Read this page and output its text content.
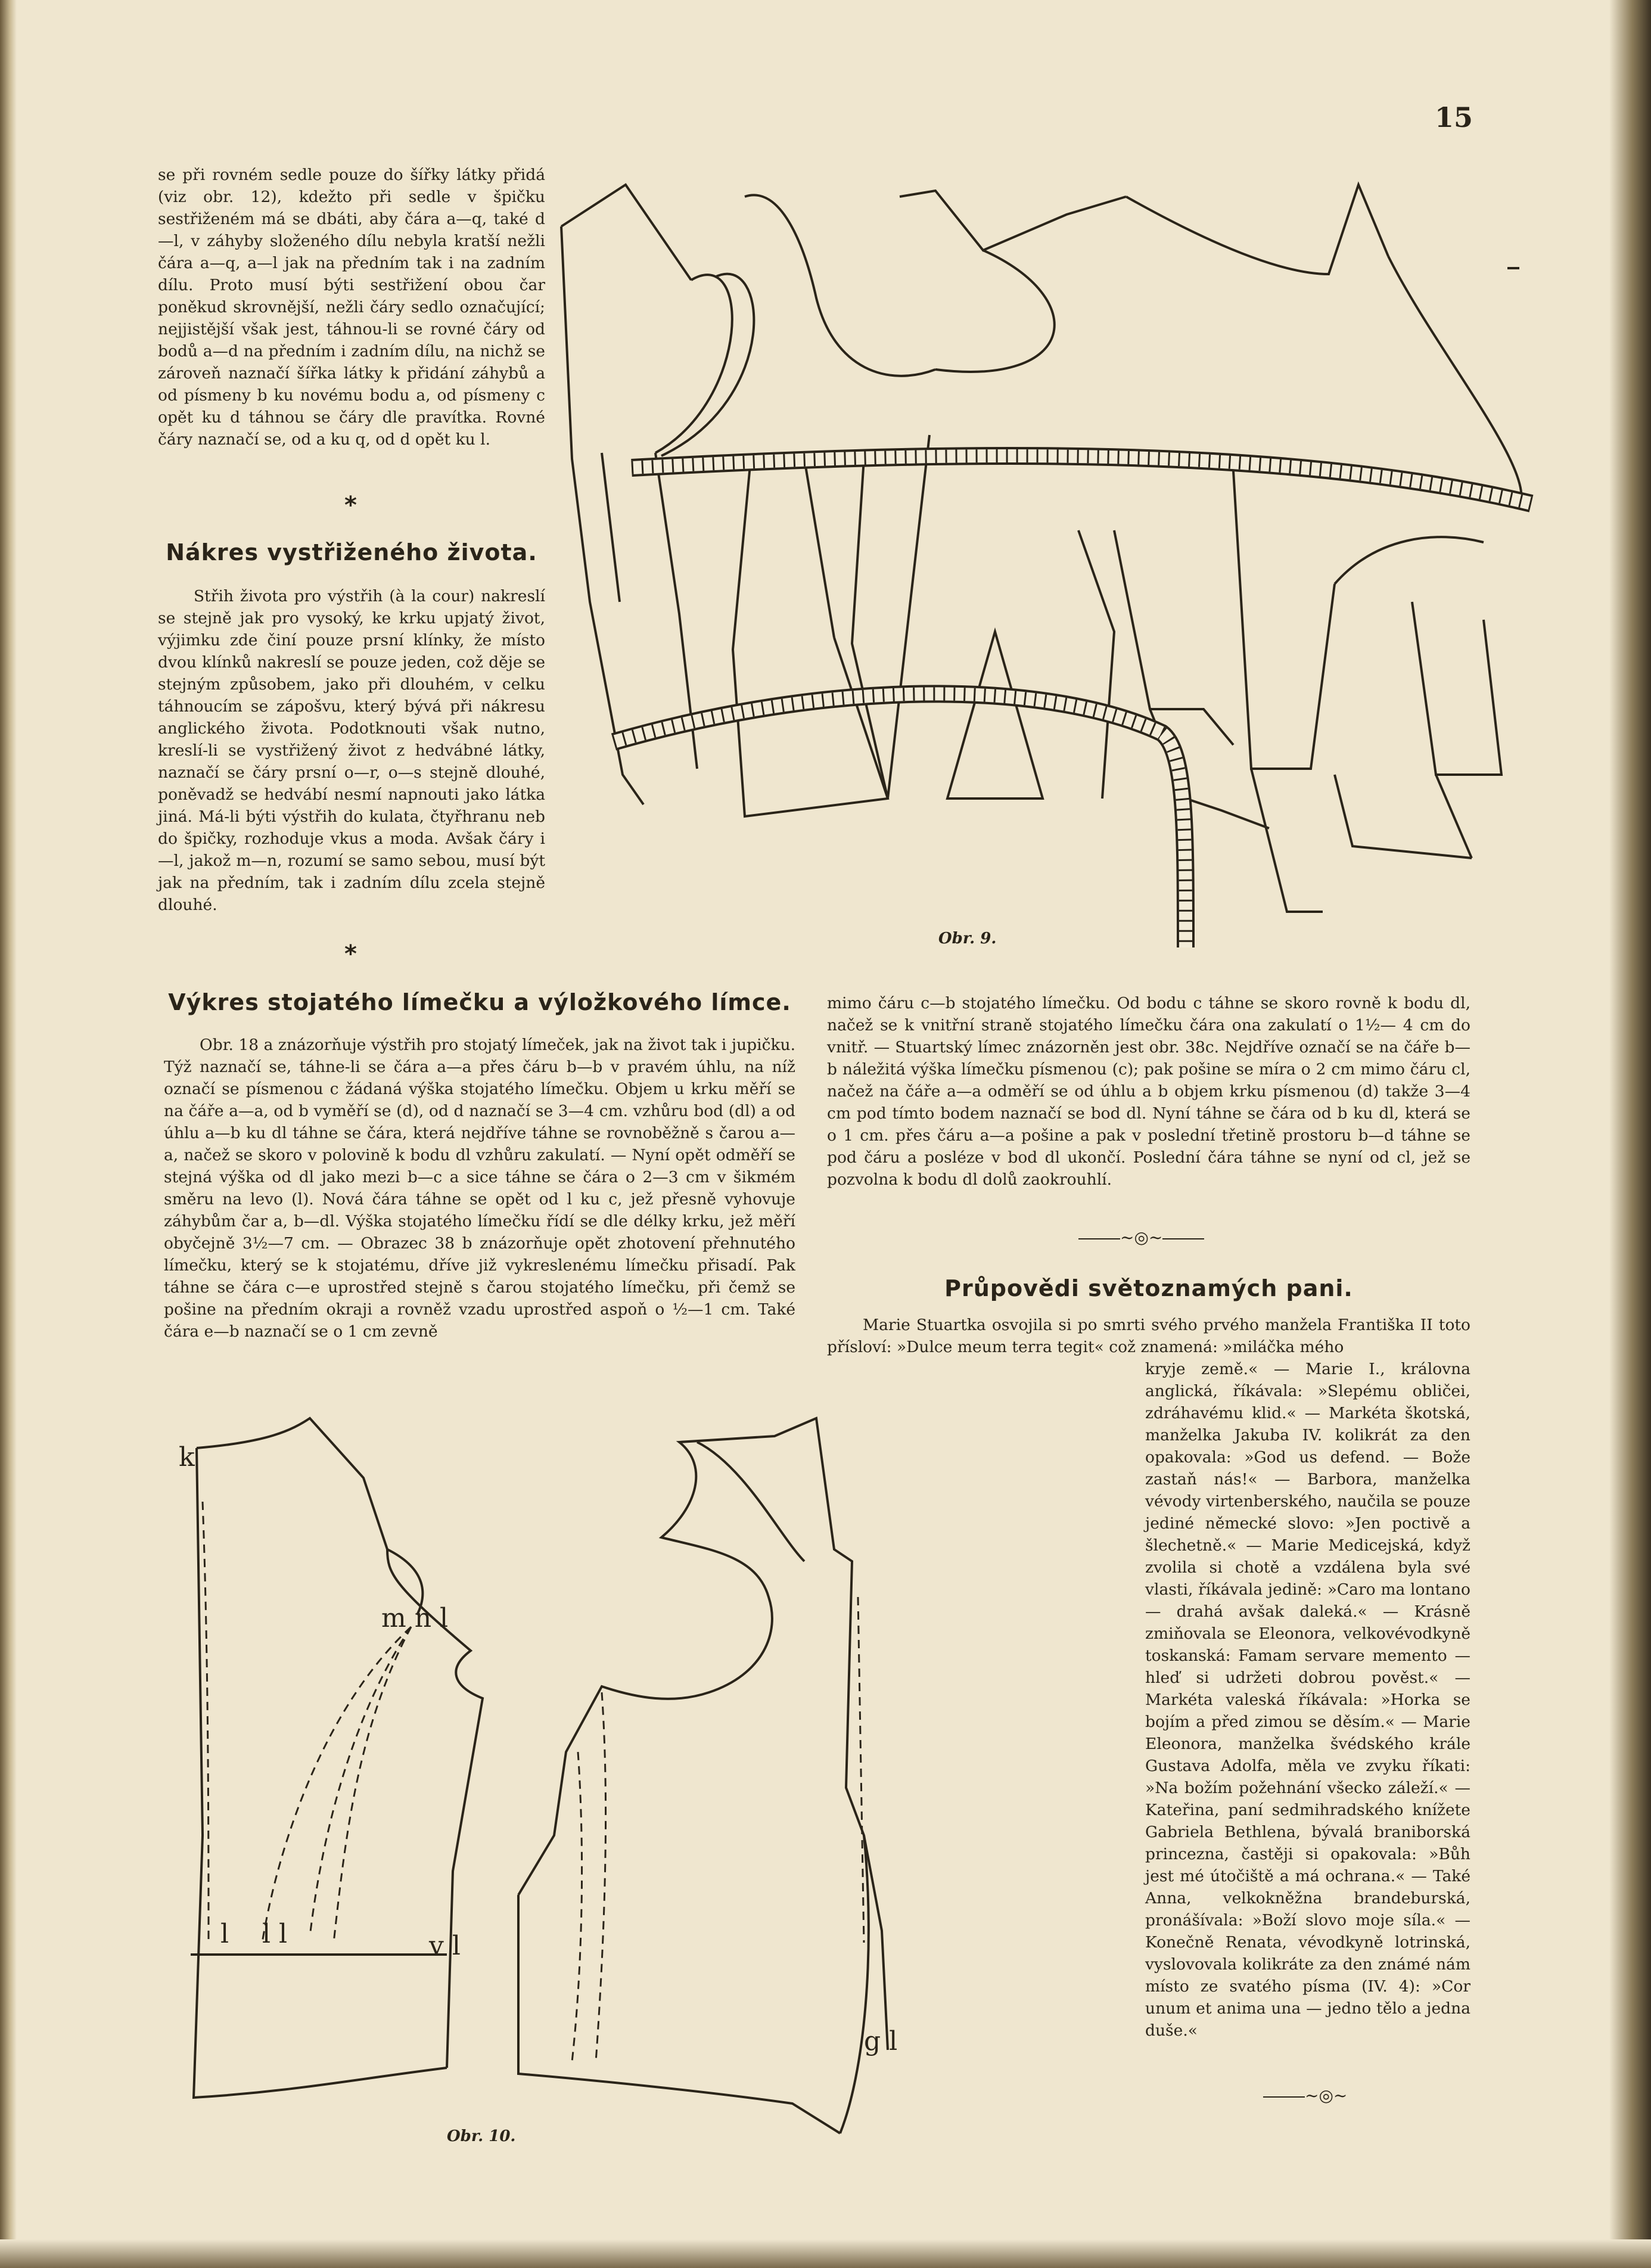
15

se při rovném sedle pouze do šířky látky přidá (viz obr. 12), kdežto při sedle v špičku sestřiženém má se dbáti, aby čára a—q, také d—l, v záhyby složeného dílu nebyla kratší nežli čára a—q, a—l jak na předním tak i na zadním dílu. Proto musí býti sestřižení obou čar poněkud skrovnější, nežli čáry sedlo označující; nejjistější však jest, táhnou-li se rovné čáry od bodů a—d na předním i zadním dílu, na nichž se zároveň naznačí šířka látky k přidání záhybů a od písmeny b ku novému bodu a, od písmeny c opět ku d táhnou se čáry dle pravítka. Rovné čáry naznačí se, od a ku q, od d opět ku l.

*
Nákres vystřiženého života.

Střih života pro výstřih (à la cour) nakreslí se stejně jak pro vysoký, ke krku upjatý život, výjimku zde činí pouze prsní klínky, že místo dvou klínků nakreslí se pouze jeden, což děje se stejným způsobem, jako při dlouhém, v celku táhnoucím se zápošvu, který bývá při nákresu anglického života. Podotknouti však nutno, kreslí-li se vystřižený život z hedvábné látky, naznačí se čáry prsní o—r, o—s stejně dlouhé, poněvadž se hedvábí nesmí napnouti jako látka jiná. Má-li býti výstřih do kulata, čtyřhranu neb do špičky, rozhoduje vkus a moda. Avšak čáry i—l, jakož m—n, rozumí se samo sebou, musí být jak na předním, tak i zadním dílu zcela stejně dlouhé.

*
Obr. 9.
Výkres stojatého límečku a výložkového límce.

Obr. 18 a znázorňuje výstřih pro stojatý límeček, jak na život tak i jupičku. Týž naznačí se, táhne-li se čára a—a přes čáru b—b v pravém úhlu, na níž označí se písmenou c žádaná výška stojatého límečku. Objem u krku měří se na čáře a—a, od b vyměří se (d), od d naznačí se 3—4 cm. vzhůru bod (dl) a od úhlu a—b ku dl táhne se čára, která nejdříve táhne se rovnoběžně s čarou a—a, načež se skoro v polovině k bodu dl vzhůru zakulatí. — Nyní opět odměří se stejná výška od dl jako mezi b—c a sice táhne se čára o 2—3 cm v šikmém směru na levo (l). Nová čára táhne se opět od l ku c, jež přesně vyhovuje záhybům čar a, b—dl. Výška stojatého límečku řídí se dle délky krku, jež měří obyčejně 3½—7 cm. — Obrazec 38 b znázorňuje opět zhotovení přehnutého límečku, který se k stojatému, dříve již vykreslenému límečku přisadí. Pak táhne se čára c—e uprostřed stejně s čarou stojatého límečku, při čemž se pošine na předním okraji a rovněž vzadu uprostřed aspoň o ½—1 cm. Také čára e—b naznačí se o 1 cm zevně

mimo čáru c—b stojatého límečku. Od bodu c táhne se skoro rovně k bodu dl, načež se k vnitřní straně stojatého límečku čára ona zakulatí o 1½— 4 cm do vnitř. — Stuartský límec znázorněn jest obr. 38c. Nejdříve označí se na čáře b—b náležitá výška límečku písmenou (c); pak pošine se míra o 2 cm mimo čáru cl, načež na čáře a—a odměří se od úhlu a b objem krku písmenou (d) takže 3—4 cm pod tímto bodem naznačí se bod dl. Nyní táhne se čára od b ku dl, která se o 1 cm. přes čáru a—a pošine a pak v poslední třetině prostoru b—d táhne se pod čáru a posléze v bod dl ukončí. Poslední čára táhne se nyní od cl, jež se pozvolna k bodu dl dolů zaokrouhlí.

~◎~
Průpovědi světoznamých pani.

Marie Stuartka osvojila si po smrti svého prvého manžela Františka II toto přísloví: »Dulce meum terra tegit« což znamená: »miláčka mého

kryje země.« — Marie I., královna anglická, říkávala: »Slepému obličei, zdráhavému klid.« — Markéta škotská, manželka Jakuba IV. kolikrát za den opakovala: »God us defend. — Bože zastaň nás!« — Barbora, manželka vévody virtenberského, naučila se pouze jediné německé slovo: »Jen poctivě a šlechetně.« — Marie Medicejská, když zvolila si chotě a vzdálena byla své vlasti, říkávala jedině: »Caro ma lontano — drahá avšak daleká.« — Krásně zmiňovala se Eleonora, velkovévodkyně toskanská: Famam servare memento — hleď si udržeti dobrou pověst.« — Markéta valeská říkávala: »Horka se bojím a před zimou se děsím.« — Marie Eleonora, manželka švédského krále Gustava Adolfa, měla ve zvyku říkati: »Na božím požehnání všecko záleží.« — Kateřina, paní sedmihradského knížete Gabriela Bethlena, bývalá braniborská princezna, častěji si opakovala: »Bůh jest mé útočiště a má ochrana.« — Také Anna, velkokněžna brandeburská, pronášívala: »Boží slovo moje síla.« — Konečně Renata, vévodkyně lotrinská, vyslovovala kolikráte za den známé nám místo ze svatého písma (IV. 4): »Cor unum et anima una — jedno tělo a jedna duše.«

~◎~
k
m n l
l l l	v l
g l
Obr. 10.
